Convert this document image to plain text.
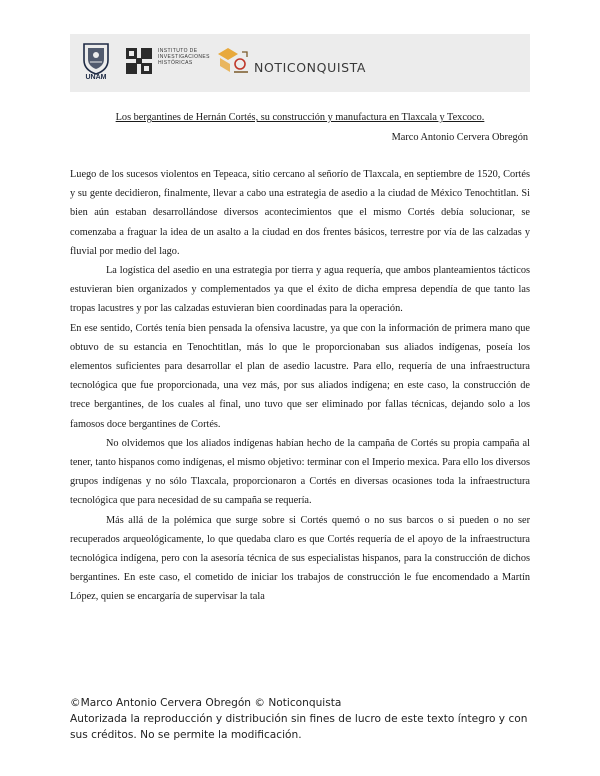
UNAM
INSTITUTO DE
INVESTIGACIONES
HISTÓRICAS	NOTICONQUISTA
Los bergantines de Hernán Cortés, su construcción y manufactura en Tlaxcala y Texcoco.
Marco Antonio Cervera Obregón

Luego de los sucesos violentos en Tepeaca, sitio cercano al señorío de Tlaxcala, en septiembre de 1520, Cortés y su gente decidieron, finalmente, llevar a cabo una estrategia de asedio a la ciudad de México Tenochtitlan. Si bien aún estaban desarrollándose diversos acontecimientos que el mismo Cortés debía solucionar, se comenzaba a fraguar la idea de un asalto a la ciudad en dos frentes básicos, terrestre por vía de las calzadas y fluvial por medio del lago.

La logística del asedio en una estrategia por tierra y agua requería, que ambos planteamientos tácticos estuvieran bien organizados y complementados ya que el éxito de dicha empresa dependía de que tanto las tropas lacustres y por las calzadas estuvieran bien coordinadas para la operación.

En ese sentido, Cortés tenía bien pensada la ofensiva lacustre, ya que con la información de primera mano que obtuvo de su estancia en Tenochtitlan, más lo que le proporcionaban sus aliados indígenas, poseía los elementos suficientes para desarrollar el plan de asedio lacustre. Para ello, requería de una infraestructura tecnológica que fue proporcionada, una vez más, por sus aliados indígena; en este caso, la construcción de trece bergantines, de los cuales al final, uno tuvo que ser eliminado por fallas técnicas, dejando solo a los famosos doce bergantines de Cortés.

No olvidemos que los aliados indígenas habían hecho de la campaña de Cortés su propia campaña al tener, tanto hispanos como indígenas, el mismo objetivo: terminar con el Imperio mexica. Para ello los diversos grupos indígenas y no sólo Tlaxcala, proporcionaron a Cortés en diversas ocasiones toda la infraestructura tecnológica que para necesidad de su campaña se requería.

Más allá de la polémica que surge sobre si Cortés quemó o no sus barcos o si pueden o no ser recuperados arqueológicamente, lo que quedaba claro es que Cortés requería de el apoyo de la infraestructura tecnológica indígena, pero con la asesoría técnica de sus especialistas hispanos, para la construcción de dichos bergantines. En este caso, el cometido de iniciar los trabajos de construcción le fue encomendado a Martín López, quien se encargaría de supervisar la tala

©Marco Antonio Cervera Obregón © Noticonquista
Autorizada la reproducción y distribución sin fines de lucro de este texto íntegro y con
sus créditos. No se permite la modificación.
